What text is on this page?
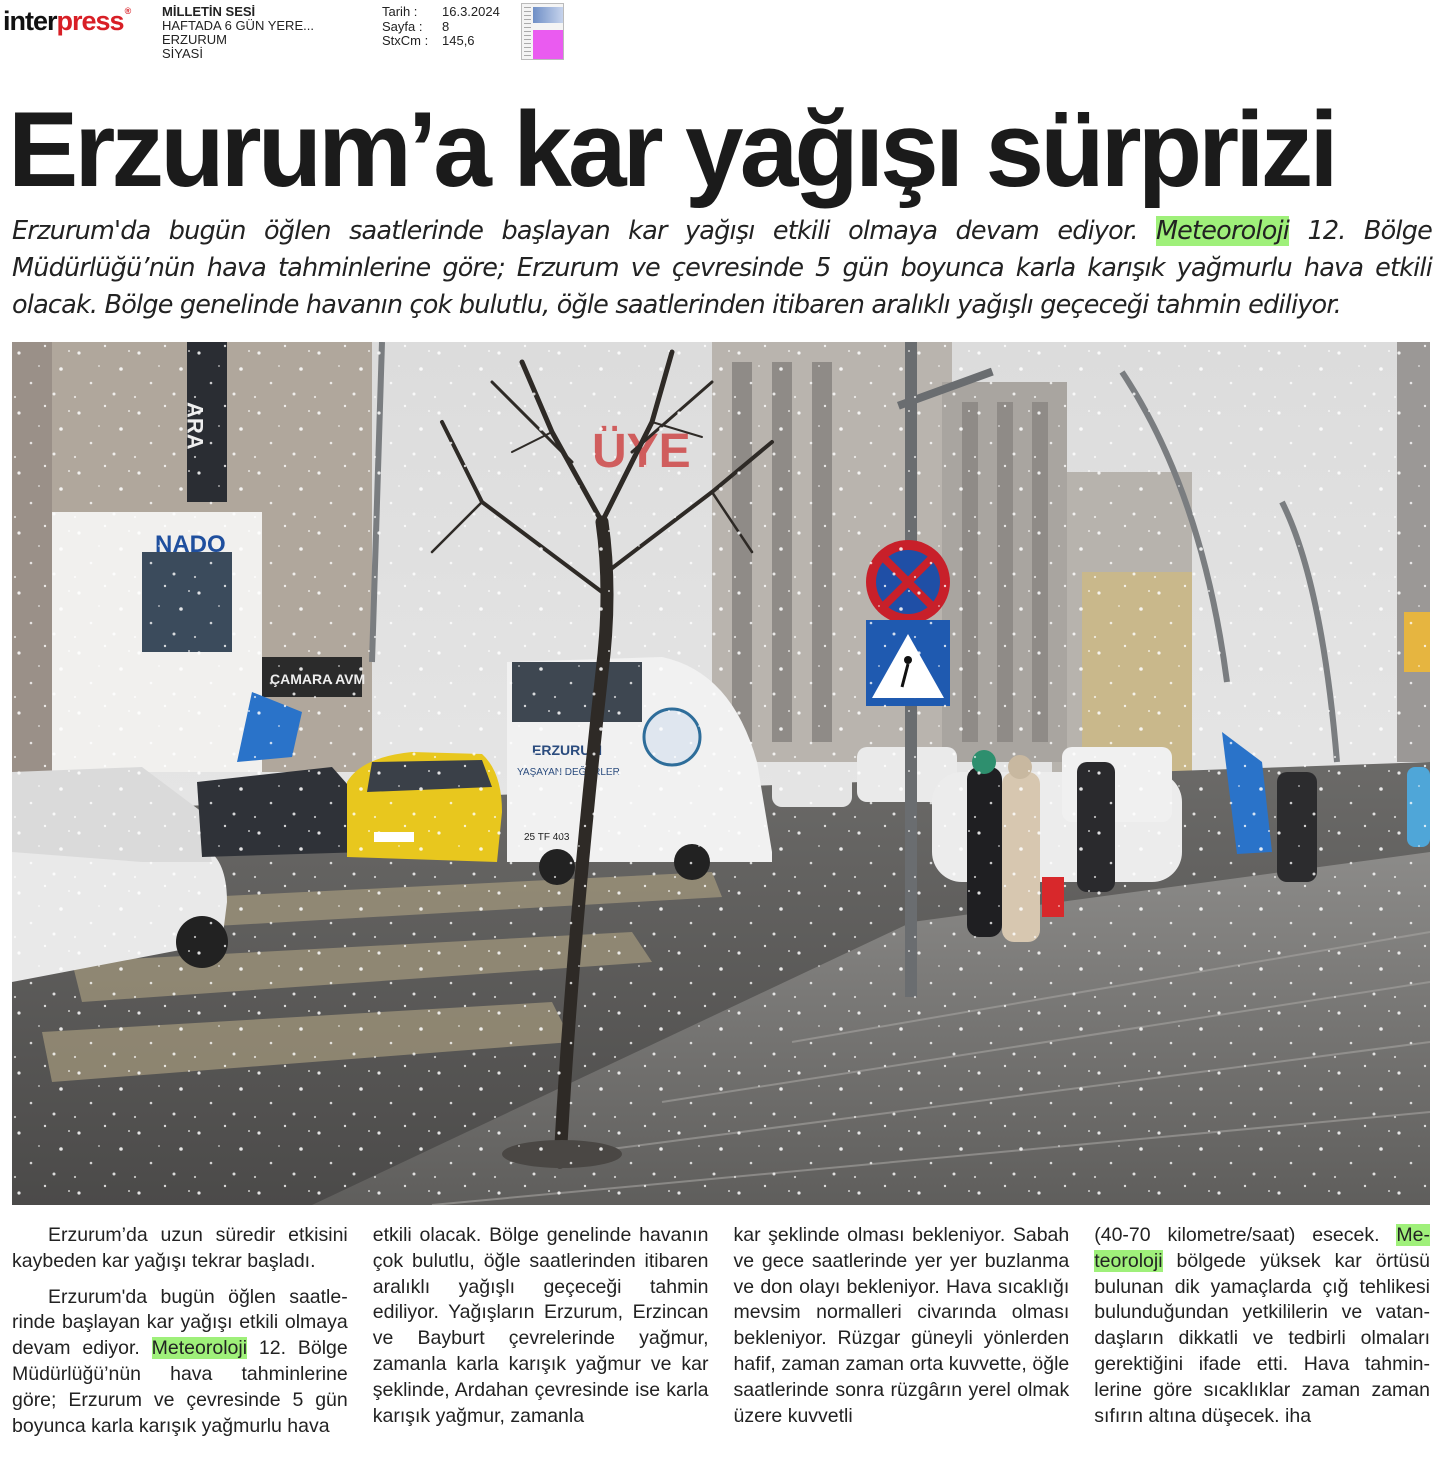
interpress® MİLLETİN SESİ
HAFTADA 6 GÜN YERE...
ERZURUM
SİYASİ
Tarih :	16.3.2024
Sayfa :	8
StxCm :	145,6
Erzurum’a kar yağışı sürprizi
Erzurum'da bugün öğlen saatlerinde başlayan kar yağışı etkili olmaya devam ediyor. Meteoroloji 12. Bölge Müdürlüğü’nün hava tahminlerine göre; Erzurum ve çevresinde 5 gün boyunca karla karışık yağmurlu hava etkili olacak. Bölge genelinde havanın çok bulutlu, öğle saatlerinden itibaren aralıklı yağışlı geçeceği tahmin ediliyor.

Erzurum’da uzun süredir etkisini kaybeden kar yağışı tekrar başladı.

Erzurum'da bugün öğlen saatlerinde başlayan kar yağışı etkili olmaya devam ediyor. Meteoroloji 12. Bölge Müdürlüğü’nün hava tahminlerine göre; Erzurum ve çevresinde 5 gün boyunca karla karışık yağmurlu hava

etkili olacak. Bölge genelinde havanın çok bulutlu, öğle saatlerinden itibaren aralıklı yağışlı geçeceği tahmin ediliyor. Yağışların Erzurum, Erzincan ve Bayburt çevrelerinde yağmur, zamanla karla karışık yağmur ve kar şeklinde, Ardahan çevresinde ise karla karışık yağmur, zamanla

kar şeklinde olması bekleniyor. Sabah ve gece saatlerinde yer yer buzlanma ve don olayı bekleniyor. Hava sıcaklığı mevsim normalleri civarında olması bekleniyor. Rüzgar güneyli yönlerden hafif, zaman zaman orta kuvvette, öğle saatlerinde sonra rüzgârın yerel olmak üzere kuvvetli

(40-70 kilometre/saat) esecek. Meteoroloji bölgede yüksek kar örtüsü bulunan dik yamaçlarda çığ tehlikesi bulunduğundan yetkililerin ve vatandaşların dikkatli ve tedbirli olmaları gerektiğini ifade etti. Hava tahminlerine göre sıcaklıklar zaman zaman sıfırın altına düşecek. iha
